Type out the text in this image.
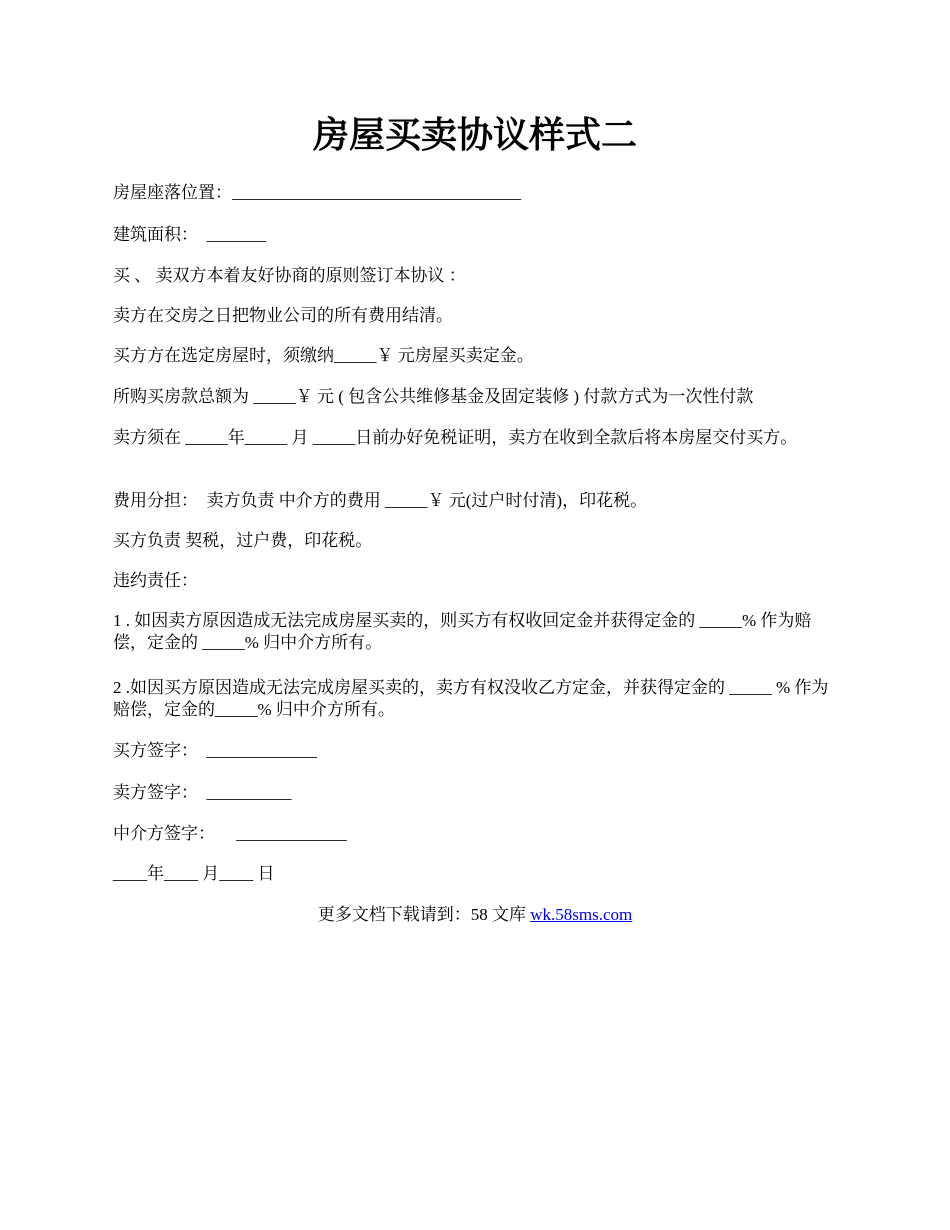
房屋买卖协议样式二

房屋座落位置：__________________________________

建筑面积：  _______

买 、 卖双方本着友好协商的原则签订本协议 ：

卖方在交房之日把物业公司的所有费用结清。

买方方在选定房屋时，须缴纳_____￥ 元房屋买卖定金。

所购买房款总额为 _____￥ 元 ( 包含公共维修基金及固定装修 ) 付款方式为一次性付款

卖方须在 _____年_____ 月 _____日前办好免税证明，卖方在收到全款后将本房屋交付买方。

费用分担：  卖方负责 中介方的费用 _____￥ 元(过户时付清)，印花税。

买方负责 契税，过户费，印花税。

违约责任：

1 . 如因卖方原因造成无法完成房屋买卖的，则买方有权收回定金并获得定金的 _____% 作为赔偿，定金的 _____% 归中介方所有。

2 .如因买方原因造成无法完成房屋买卖的，卖方有权没收乙方定金，并获得定金的 _____ % 作为赔偿，定金的_____% 归中介方所有。

买方签字：  _____________

卖方签字：  __________

中介方签字：     _____________

____年____ 月____ 日

更多文档下载请到：58 文库 wk.58sms.com
